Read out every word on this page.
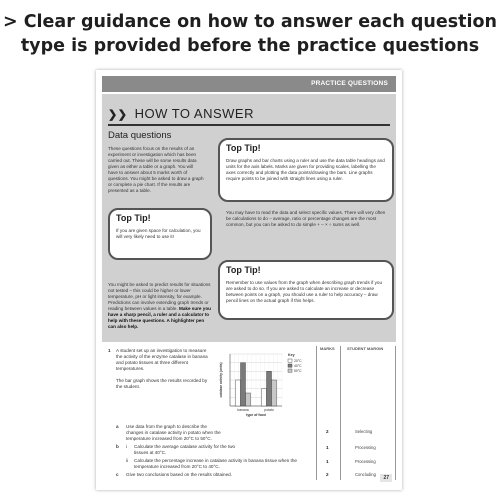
> Clear guidance on how to answer each question
type is provided before the practice questions
PRACTICE QUESTIONS
❯❯ HOW TO ANSWER
Data questions
These questions focus on the results of an experiment or investigation which has been carried out. These will be some results data given as either a table or a graph. You will have to answer about 5 marks worth of questions. You might be asked to draw a graph or complete a pie chart. If the results are presented as a table.
Top Tip!
Draw graphs and bar charts using a ruler and use the data table headings and units for the axis labels. Marks are given for providing scales, labelling the axes correctly and plotting the data points/drawing the bars. Line graphs require points to be joined with straight lines using a ruler.
Top Tip!
If you are given space for calculation, you will very likely need to use it!
You may have to read the data and select specific values. There will very often be calculations to do – average, ratio or percentage changes are the most common, but you can be asked to do simple + – × ÷ sums as well.
Top Tip!
Remember to use values from the graph when describing graph trends if you are asked to do so. If you are asked to calculate an increase or decrease between points on a graph, you should use a ruler to help accuracy – draw pencil lines on the actual graph if this helps.
You might be asked to predict results for situations not tested – this could be higher or lower temperature, pH or light intensity, for example. Predictions can involve extending graph trends or reading between values in a table. Make sure you have a sharp pencil, a ruler and a calculator to help with these questions. A highlighter pen can also help.
1 A student set up an investigation to measure the activity of the enzyme catalase in banana and potato tissues at three different temperatures.
The bar graph shows the results recorded by the student.
banana	potato
type of food
catalase activity (units)
Key
20°C
40°C
50°C
a Use data from the graph to describe the changes in catalase activity in potato when the temperature increased from 20°C to 50°C.
b i Calculate the average catalase activity for the two tissues at 40°C.
ii Calculate the percentage increase in catalase activity in banana tissue when the temperature increased from 20°C to 40°C.
c Give two conclusions based on the results obtained.
MARKS
2
1
1
2
STUDENT MARGIN
Selecting
Processing
Processing
Concluding
27
